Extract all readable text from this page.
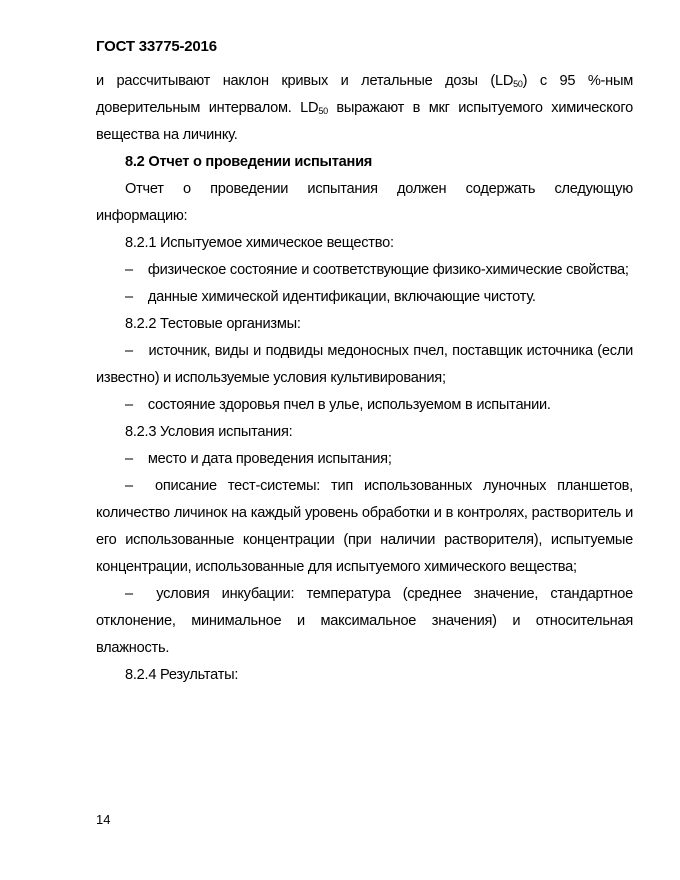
ГОСТ 33775-2016

и рассчитывают наклон кривых и летальные дозы $(LD_{50})$ с 95 %-ным доверительным интервалом. $LD_{50}$ выражают в мкг испытуемого химического вещества на личинку.

8.2 Отчет о проведении испытания

Отчет о проведении испытания должен содержать следующую информацию:

8.2.1 Испытуемое химическое вещество:

– физическое состояние и соответствующие физико-химические свойства;

– данные химической идентификации, включающие чистоту.

8.2.2 Тестовые организмы:

– источник, виды и подвиды медоносных пчел, поставщик источника (если известно) и используемые условия культивирования;

– состояние здоровья пчел в улье, используемом в испытании.

8.2.3 Условия испытания:

– место и дата проведения испытания;

– описание тест-системы: тип использованных луночных планшетов, количество личинок на каждый уровень обработки и в контролях, растворитель и его использованные концентрации (при наличии растворителя), испытуемые концентрации, использованные для испытуемого химического вещества;

– условия инкубации: температура (среднее значение, стандартное отклонение, минимальное и максимальное значения) и относительная влажность.

8.2.4 Результаты:

14
